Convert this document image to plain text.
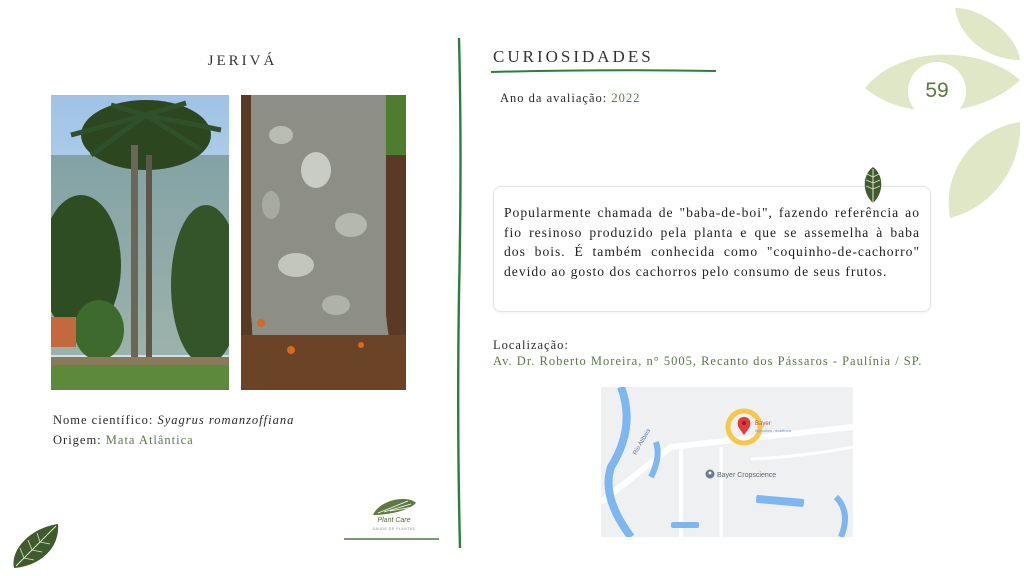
59
JERIVÁ
Nome científico: Syagrus romanzoffiana
Origem: Mata Atlântica
CURIOSIDADES
Ano da avaliação: 2022

Popularmente chamada de "baba-de-boi", fazendo referência ao fio resinoso produzido pela planta e que se assemelha à baba dos bois. É também conhecida como "coquinho-de-cachorro" devido ao gosto dos cachorros pelo consumo de seus frutos.

Localização:
Av. Dr. Roberto Moreira, n° 5005, Recanto dos Pássaros - Paulínia / SP.
Rio Atibaia
Bayer
Agricultura - residência
Bayer Cropscience
Plant Care
SAUDE DE PLANTAS
